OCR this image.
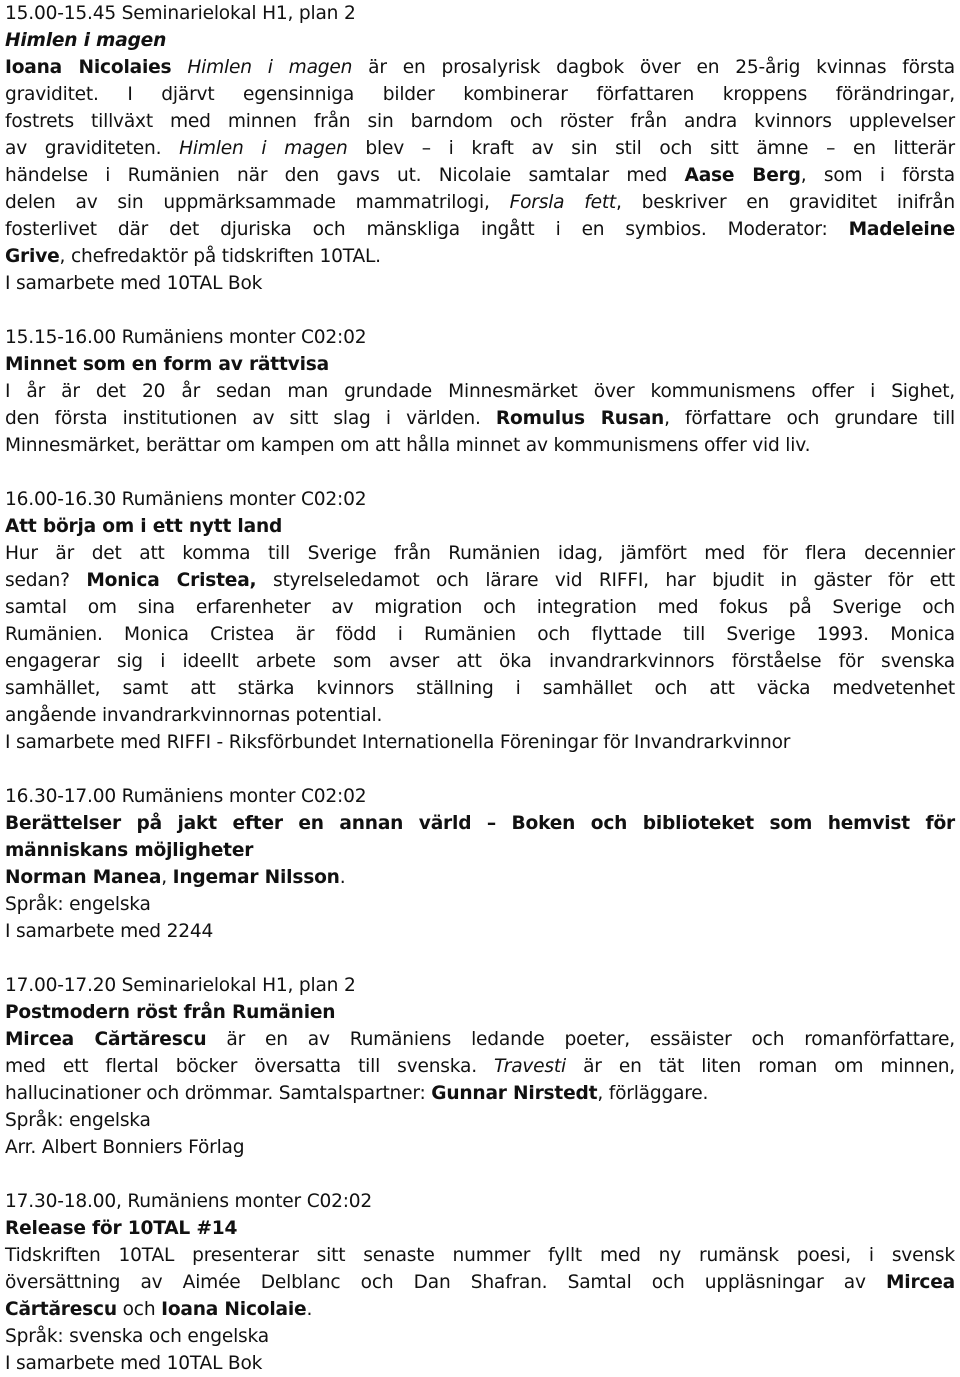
15.00-15.45 Seminarielokal H1, plan 2
Himlen i magen
Ioana Nicolaies Himlen i magen är en prosalyrisk dagbok över en 25-årig kvinnas första
graviditet. I djärvt egensinniga bilder kombinerar författaren kroppens förändringar,
fostrets tillväxt med minnen från sin barndom och röster från andra kvinnors upplevelser
av graviditeten. Himlen i magen blev – i kraft av sin stil och sitt ämne – en litterär
händelse i Rumänien när den gavs ut. Nicolaie samtalar med Aase Berg, som i första
delen av sin uppmärksammade mammatrilogi, Forsla fett, beskriver en graviditet inifrån
fosterlivet där det djuriska och mänskliga ingått i en symbios. Moderator: Madeleine
Grive, chefredaktör på tidskriften 10TAL.
I samarbete med 10TAL Bok
15.15-16.00 Rumäniens monter C02:02
Minnet som en form av rättvisa
I år är det 20 år sedan man grundade Minnesmärket över kommunismens offer i Sighet,
den första institutionen av sitt slag i världen. Romulus Rusan, författare och grundare till
Minnesmärket, berättar om kampen om att hålla minnet av kommunismens offer vid liv.
16.00-16.30 Rumäniens monter C02:02
Att börja om i ett nytt land
Hur är det att komma till Sverige från Rumänien idag, jämfört med för flera decennier
sedan? Monica Cristea, styrelseledamot och lärare vid RIFFI, har bjudit in gäster för ett
samtal om sina erfarenheter av migration och integration med fokus på Sverige och
Rumänien. Monica Cristea är född i Rumänien och flyttade till Sverige 1993. Monica
engagerar sig i ideellt arbete som avser att öka invandrarkvinnors förståelse för svenska
samhället, samt att stärka kvinnors ställning i samhället och att väcka medvetenhet
angående invandrarkvinnornas potential.
I samarbete med RIFFI - Riksförbundet Internationella Föreningar för Invandrarkvinnor
16.30-17.00 Rumäniens monter C02:02
Berättelser på jakt efter en annan värld – Boken och biblioteket som hemvist för
människans möjligheter
Norman Manea, Ingemar Nilsson.
Språk: engelska
I samarbete med 2244
17.00-17.20 Seminarielokal H1, plan 2
Postmodern röst från Rumänien
Mircea Cărtărescu är en av Rumäniens ledande poeter, essäister och romanförfattare,
med ett flertal böcker översatta till svenska. Travesti är en tät liten roman om minnen,
hallucinationer och drömmar. Samtalspartner: Gunnar Nirstedt, förläggare.
Språk: engelska
Arr. Albert Bonniers Förlag
17.30-18.00, Rumäniens monter C02:02
Release för 10TAL #14
Tidskriften 10TAL presenterar sitt senaste nummer fyllt med ny rumänsk poesi, i svensk
översättning av Aimée Delblanc och Dan Shafran. Samtal och uppläsningar av Mircea
Cărtărescu och Ioana Nicolaie.
Språk: svenska och engelska
I samarbete med 10TAL Bok
